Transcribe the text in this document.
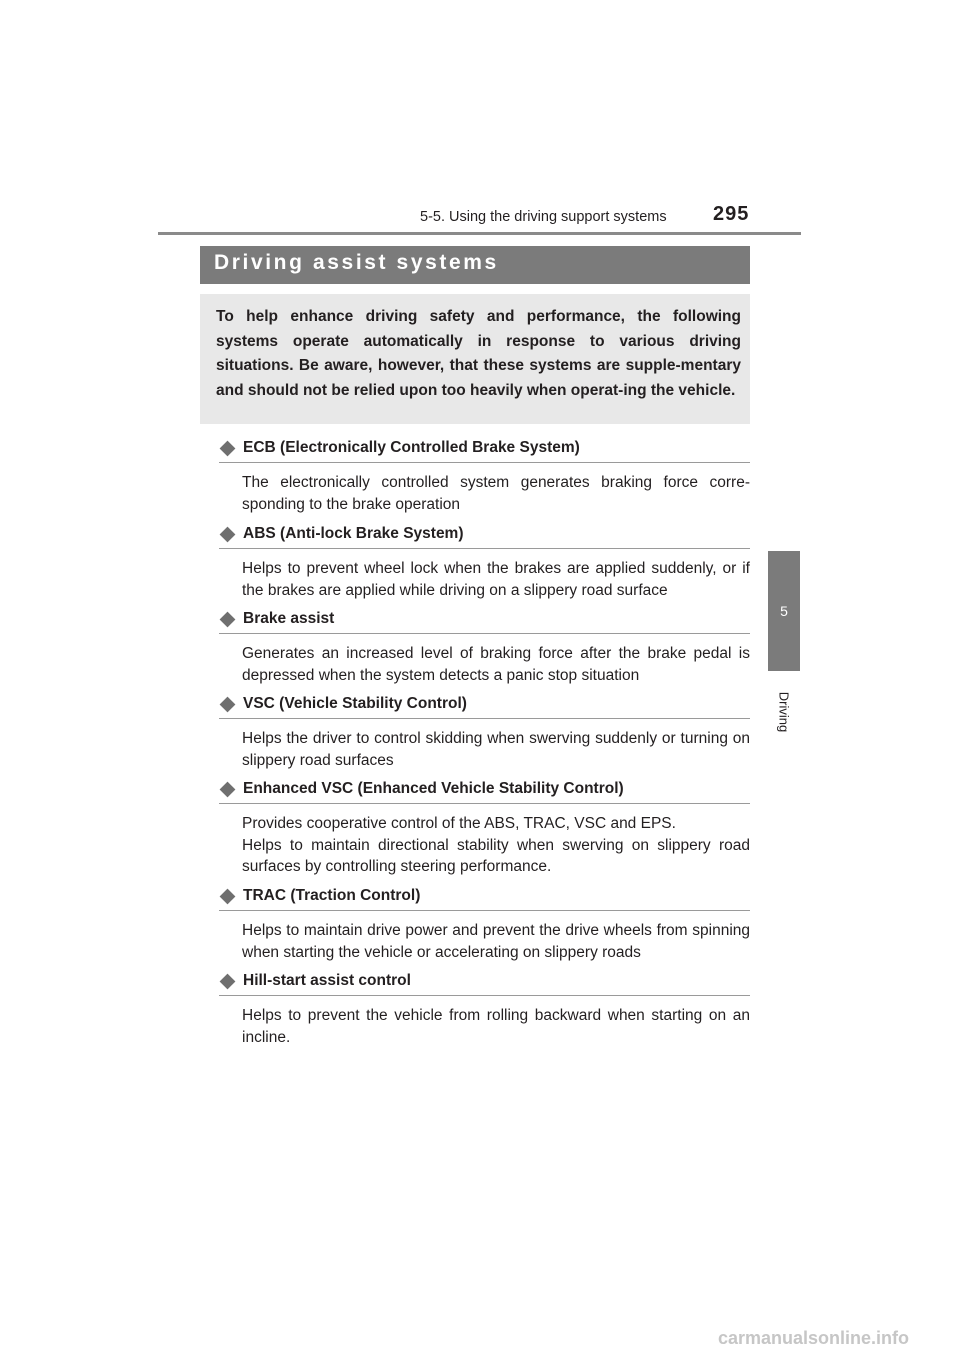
5-5. Using the driving support systems 295
Driving assist systems
To help enhance driving safety and performance, the following systems operate automatically in response to various driving situations. Be aware, however, that these systems are supple-mentary and should not be relied upon too heavily when operat-ing the vehicle.
ECB (Electronically Controlled Brake System)

The electronically controlled system generates braking force corre-sponding to the brake operation

ABS (Anti-lock Brake System)

Helps to prevent wheel lock when the brakes are applied suddenly, or if the brakes are applied while driving on a slippery road surface

Brake assist

Generates an increased level of braking force after the brake pedal is depressed when the system detects a panic stop situation

VSC (Vehicle Stability Control)

Helps the driver to control skidding when swerving suddenly or turning on slippery road surfaces

Enhanced VSC (Enhanced Vehicle Stability Control)

Provides cooperative control of the ABS, TRAC, VSC and EPS.

Helps to maintain directional stability when swerving on slippery road surfaces by controlling steering performance.

TRAC (Traction Control)

Helps to maintain drive power and prevent the drive wheels from spinning when starting the vehicle or accelerating on slippery roads

Hill-start assist control

Helps to prevent the vehicle from rolling backward when starting on an incline.

5
Driving
carmanualsonline.info
